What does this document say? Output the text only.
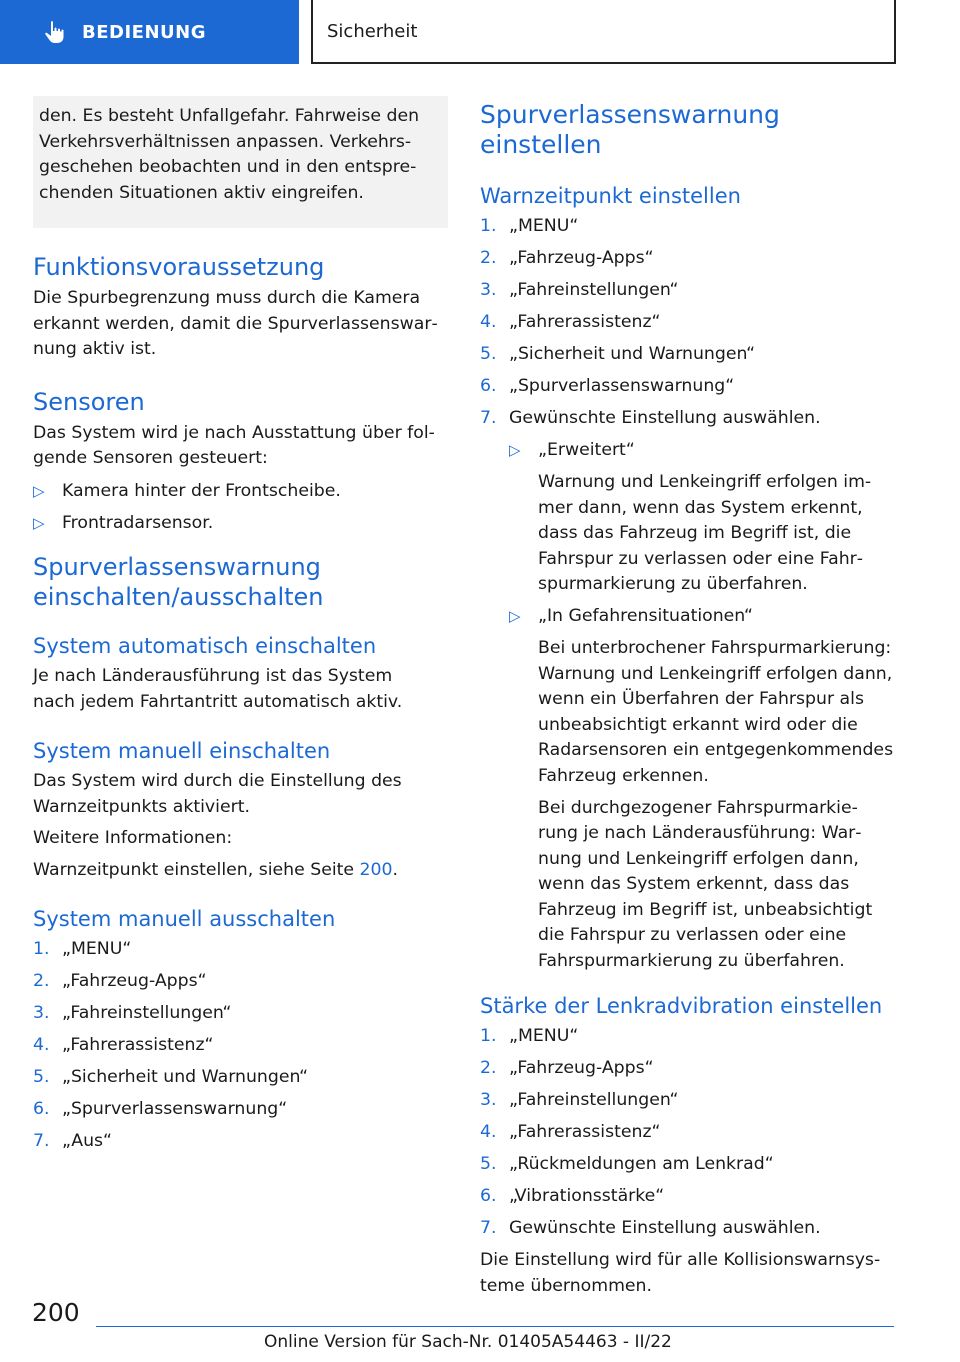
BEDIENUNG	Sicherheit

den. Es besteht Unfallgefahr. Fahrweise den Verkehrsverhältnissen anpassen. Verkehrsgeschehen beobachten und in den entsprechenden Situationen aktiv eingreifen.

Funktionsvoraussetzung

Die Spurbegrenzung muss durch die Kamera erkannt werden, damit die Spurverlassenswarnung aktiv ist.

Sensoren

Das System wird je nach Ausstattung über folgende Sensoren gesteuert:

▷	Kamera hinter der Frontscheibe.
▷	Frontradarsensor.
Spurverlassenswarnung einschalten/ausschalten
System automatisch einschalten

Je nach Länderausführung ist das System nach jedem Fahrtantritt automatisch aktiv.

System manuell einschalten

Das System wird durch die Einstellung des Warnzeitpunkts aktiviert.

Weitere Informationen:

Warnzeitpunkt einstellen, siehe Seite 200.

System manuell ausschalten
1. „MENU“
2. „Fahrzeug-Apps“
3. „Fahreinstellungen“
4. „Fahrerassistenz“
5. „Sicherheit und Warnungen“
6. „Spurverlassenswarnung“
7. „Aus“
Spurverlassenswarnung einstellen
Warnzeitpunkt einstellen
1. „MENU“
2. „Fahrzeug-Apps“
3. „Fahreinstellungen“
4. „Fahrerassistenz“
5. „Sicherheit und Warnungen“
6. „Spurverlassenswarnung“
7. Gewünschte Einstellung auswählen.
▷	„Erweitert“

Warnung und Lenkeingriff erfolgen immer dann, wenn das System erkennt, dass das Fahrzeug im Begriff ist, die Fahrspur zu verlassen oder eine Fahrspurmarkierung zu überfahren.

▷	„In Gefahrensituationen“

Bei unterbrochener Fahrspurmarkierung: Warnung und Lenkeingriff erfolgen dann, wenn ein Überfahren der Fahrspur als unbeabsichtigt erkannt wird oder die Radarsensoren ein entgegenkommendes Fahrzeug erkennen.

Bei durchgezogener Fahrspurmarkierung je nach Länderausführung: Warnung und Lenkeingriff erfolgen dann, wenn das System erkennt, dass das Fahrzeug im Begriff ist, unbeabsichtigt die Fahrspur zu verlassen oder eine Fahrspurmarkierung zu überfahren.

Stärke der Lenkradvibration einstellen
1. „MENU“
2. „Fahrzeug-Apps“
3. „Fahreinstellungen“
4. „Fahrerassistenz“
5. „Rückmeldungen am Lenkrad“
6. „Vibrationsstärke“
7. Gewünschte Einstellung auswählen.

Die Einstellung wird für alle Kollisionswarnsysteme übernommen.

200
Online Version für Sach-Nr. 01405A54463 - II/22
